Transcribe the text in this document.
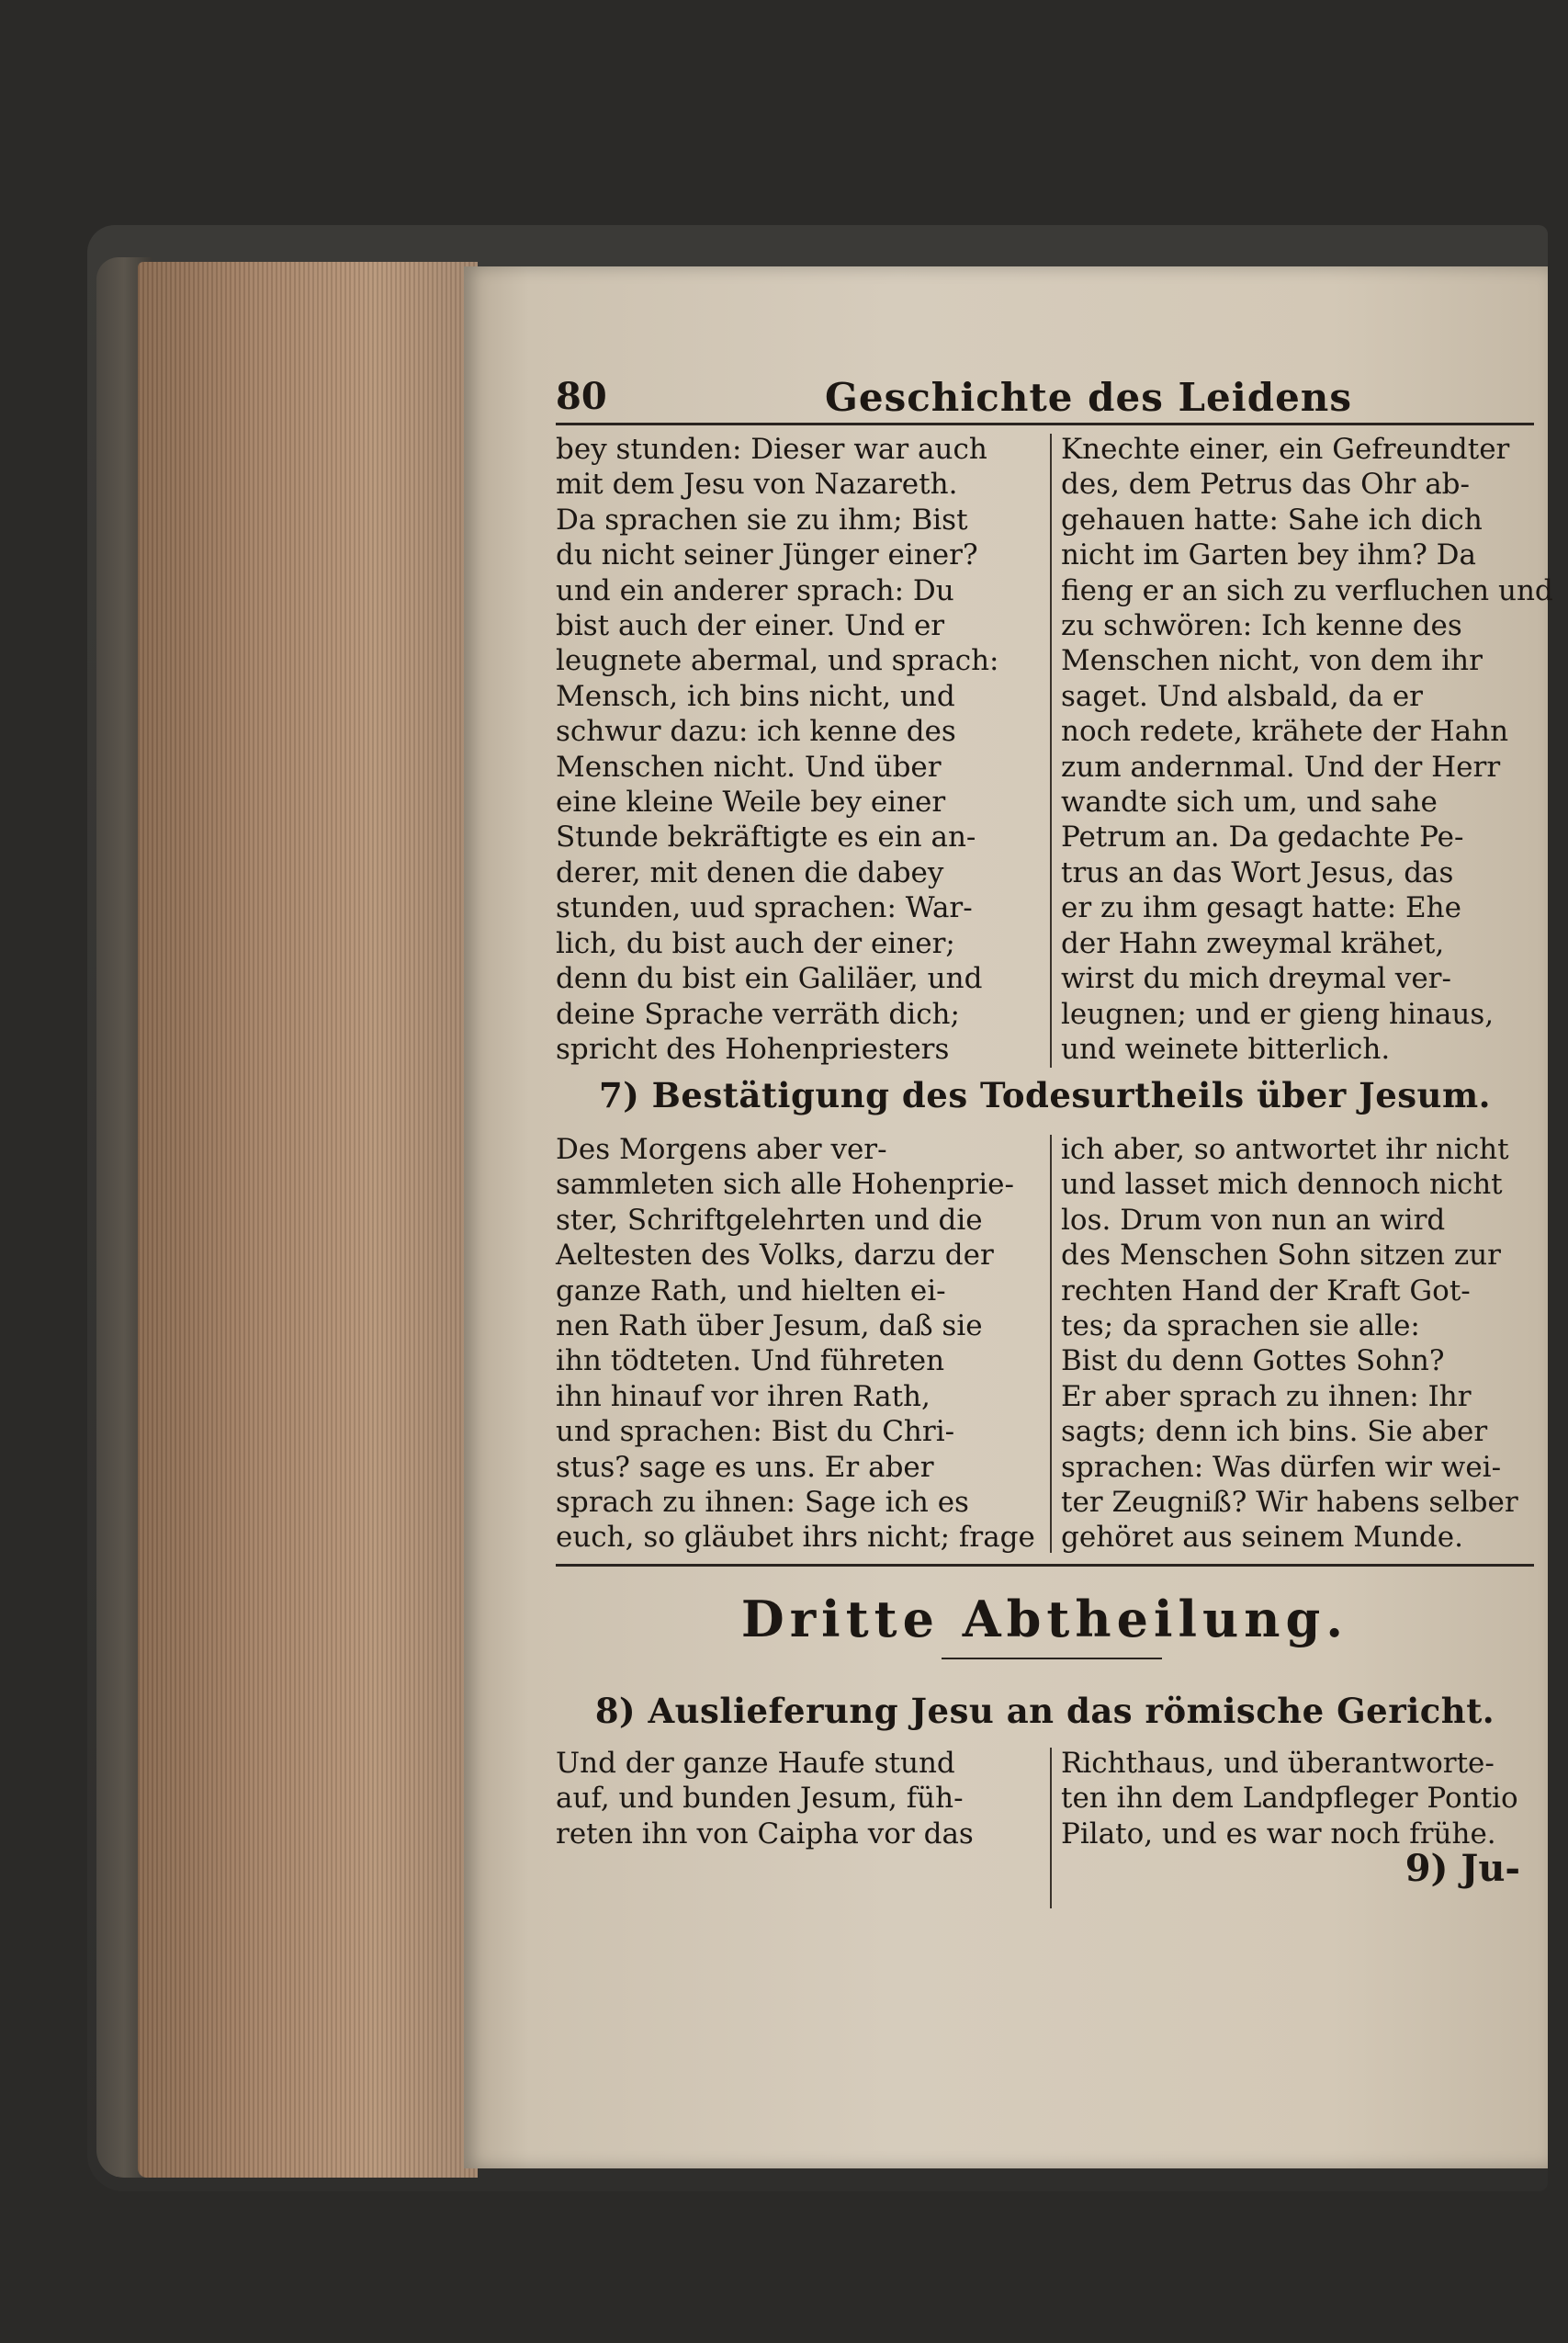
80	Geschichte des Leidens
bey stunden: Dieser war auch
mit dem Jesu von Nazareth.
Da sprachen sie zu ihm; Bist
du nicht seiner Jünger einer?
und ein anderer sprach: Du
bist auch der einer. Und er
leugnete abermal, und sprach:
Mensch, ich bins nicht, und
schwur dazu: ich kenne des
Menschen nicht. Und über
eine kleine Weile bey einer
Stunde bekräftigte es ein an-
derer, mit denen die dabey
stunden, uud sprachen: War-
lich, du bist auch der einer;
denn du bist ein Galiläer, und
deine Sprache verräth dich;
spricht des Hohenpriesters
Knechte einer, ein Gefreundter
des, dem Petrus das Ohr ab-
gehauen hatte: Sahe ich dich
nicht im Garten bey ihm? Da
fieng er an sich zu verfluchen und
zu schwören: Ich kenne des
Menschen nicht, von dem ihr
saget. Und alsbald, da er
noch redete, krähete der Hahn
zum andernmal. Und der Herr
wandte sich um, und sahe
Petrum an. Da gedachte Pe-
trus an das Wort Jesus, das
er zu ihm gesagt hatte: Ehe
der Hahn zweymal krähet,
wirst du mich dreymal ver-
leugnen; und er gieng hinaus,
und weinete bitterlich.
7) Bestätigung des Todesurtheils über Jesum.
Des Morgens aber ver-
sammleten sich alle Hohenprie-
ster, Schriftgelehrten und die
Aeltesten des Volks, darzu der
ganze Rath, und hielten ei-
nen Rath über Jesum, daß sie
ihn tödteten. Und führeten
ihn hinauf vor ihren Rath,
und sprachen: Bist du Chri-
stus? sage es uns. Er aber
sprach zu ihnen: Sage ich es
euch, so gläubet ihrs nicht; frage
ich aber, so antwortet ihr nicht
und lasset mich dennoch nicht
los. Drum von nun an wird
des Menschen Sohn sitzen zur
rechten Hand der Kraft Got-
tes; da sprachen sie alle:
Bist du denn Gottes Sohn?
Er aber sprach zu ihnen: Ihr
sagts; denn ich bins. Sie aber
sprachen: Was dürfen wir wei-
ter Zeugniß? Wir habens selber
gehöret aus seinem Munde.
Dritte Abtheilung.
8) Auslieferung Jesu an das römische Gericht.
Und der ganze Haufe stund
auf, und bunden Jesum, füh-
reten ihn von Caipha vor das
Richthaus, und überantworte-
ten ihn dem Landpfleger Pontio
Pilato, und es war noch frühe.
9) Ju-
